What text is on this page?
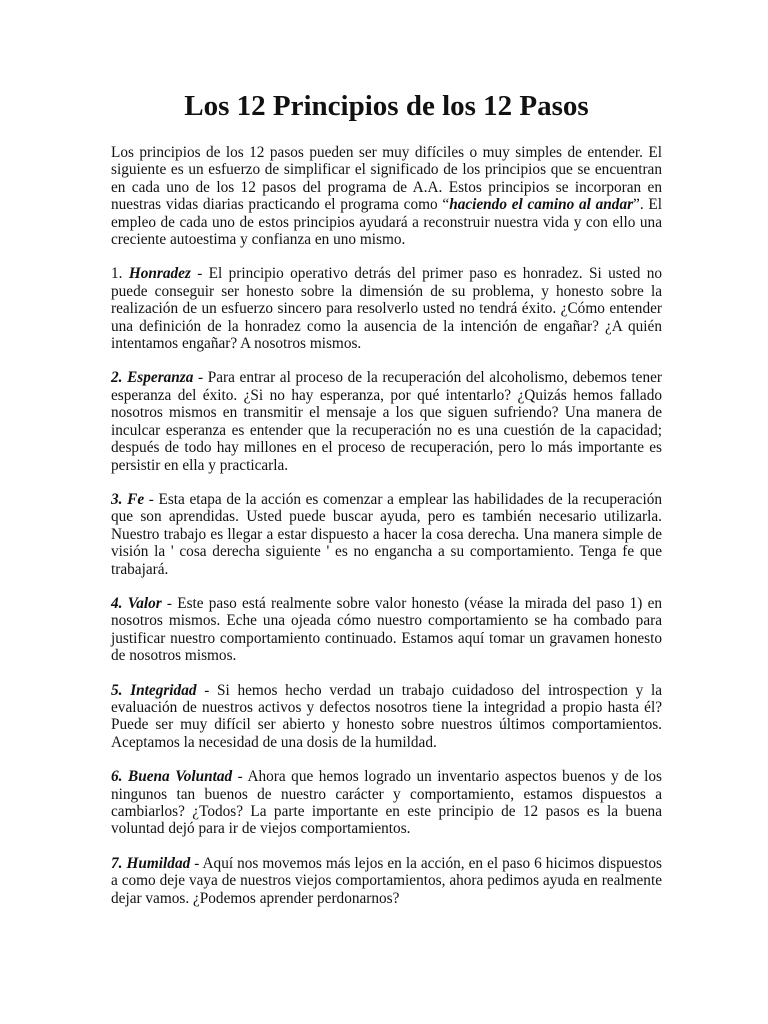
Los 12 Principios de los 12 Pasos

Los principios de los 12 pasos pueden ser muy difíciles o muy simples de entender. El siguiente es un esfuerzo de simplificar el significado de los principios que se encuentran en cada uno de los 12 pasos del programa de A.A. Estos principios se incorporan en nuestras vidas diarias practicando el programa como “haciendo el camino al andar”. El empleo de cada uno de estos principios ayudará a reconstruir nuestra vida y con ello una creciente autoestima y confianza en uno mismo.

1. Honradez - El principio operativo detrás del primer paso es honradez. Si usted no puede conseguir ser honesto sobre la dimensión de su problema, y honesto sobre la realización de un esfuerzo sincero para resolverlo usted no tendrá éxito. ¿Cómo entender una definición de la honradez como la ausencia de la intención de engañar? ¿A quién intentamos engañar? A nosotros mismos.

2. Esperanza - Para entrar al proceso de la recuperación del alcoholismo, debemos tener esperanza del éxito. ¿Si no hay esperanza, por qué intentarlo? ¿Quizás hemos fallado nosotros mismos en transmitir el mensaje a los que siguen sufriendo? Una manera de inculcar esperanza es entender que la recuperación no es una cuestión de la capacidad; después de todo hay millones en el proceso de recuperación, pero lo más importante es persistir en ella y practicarla.

3. Fe - Esta etapa de la acción es comenzar a emplear las habilidades de la recuperación que son aprendidas. Usted puede buscar ayuda, pero es también necesario utilizarla. Nuestro trabajo es llegar a estar dispuesto a hacer la cosa derecha. Una manera simple de visión la ' cosa derecha siguiente ' es no engancha a su comportamiento. Tenga fe que trabajará.

4. Valor - Este paso está realmente sobre valor honesto (véase la mirada del paso 1) en nosotros mismos. Eche una ojeada cómo nuestro comportamiento se ha combado para justificar nuestro comportamiento continuado. Estamos aquí tomar un gravamen honesto de nosotros mismos.

5. Integridad - Si hemos hecho verdad un trabajo cuidadoso del introspection y la evaluación de nuestros activos y defectos nosotros tiene la integridad a propio hasta él? Puede ser muy difícil ser abierto y honesto sobre nuestros últimos comportamientos. Aceptamos la necesidad de una dosis de la humildad.

6. Buena Voluntad - Ahora que hemos logrado un inventario aspectos buenos y de los ningunos tan buenos de nuestro carácter y comportamiento, estamos dispuestos a cambiarlos? ¿Todos? La parte importante en este principio de 12 pasos es la buena voluntad dejó para ir de viejos comportamientos.

7. Humildad - Aquí nos movemos más lejos en la acción, en el paso 6 hicimos dispuestos a como deje vaya de nuestros viejos comportamientos, ahora pedimos ayuda en realmente dejar vamos. ¿Podemos aprender perdonarnos?
